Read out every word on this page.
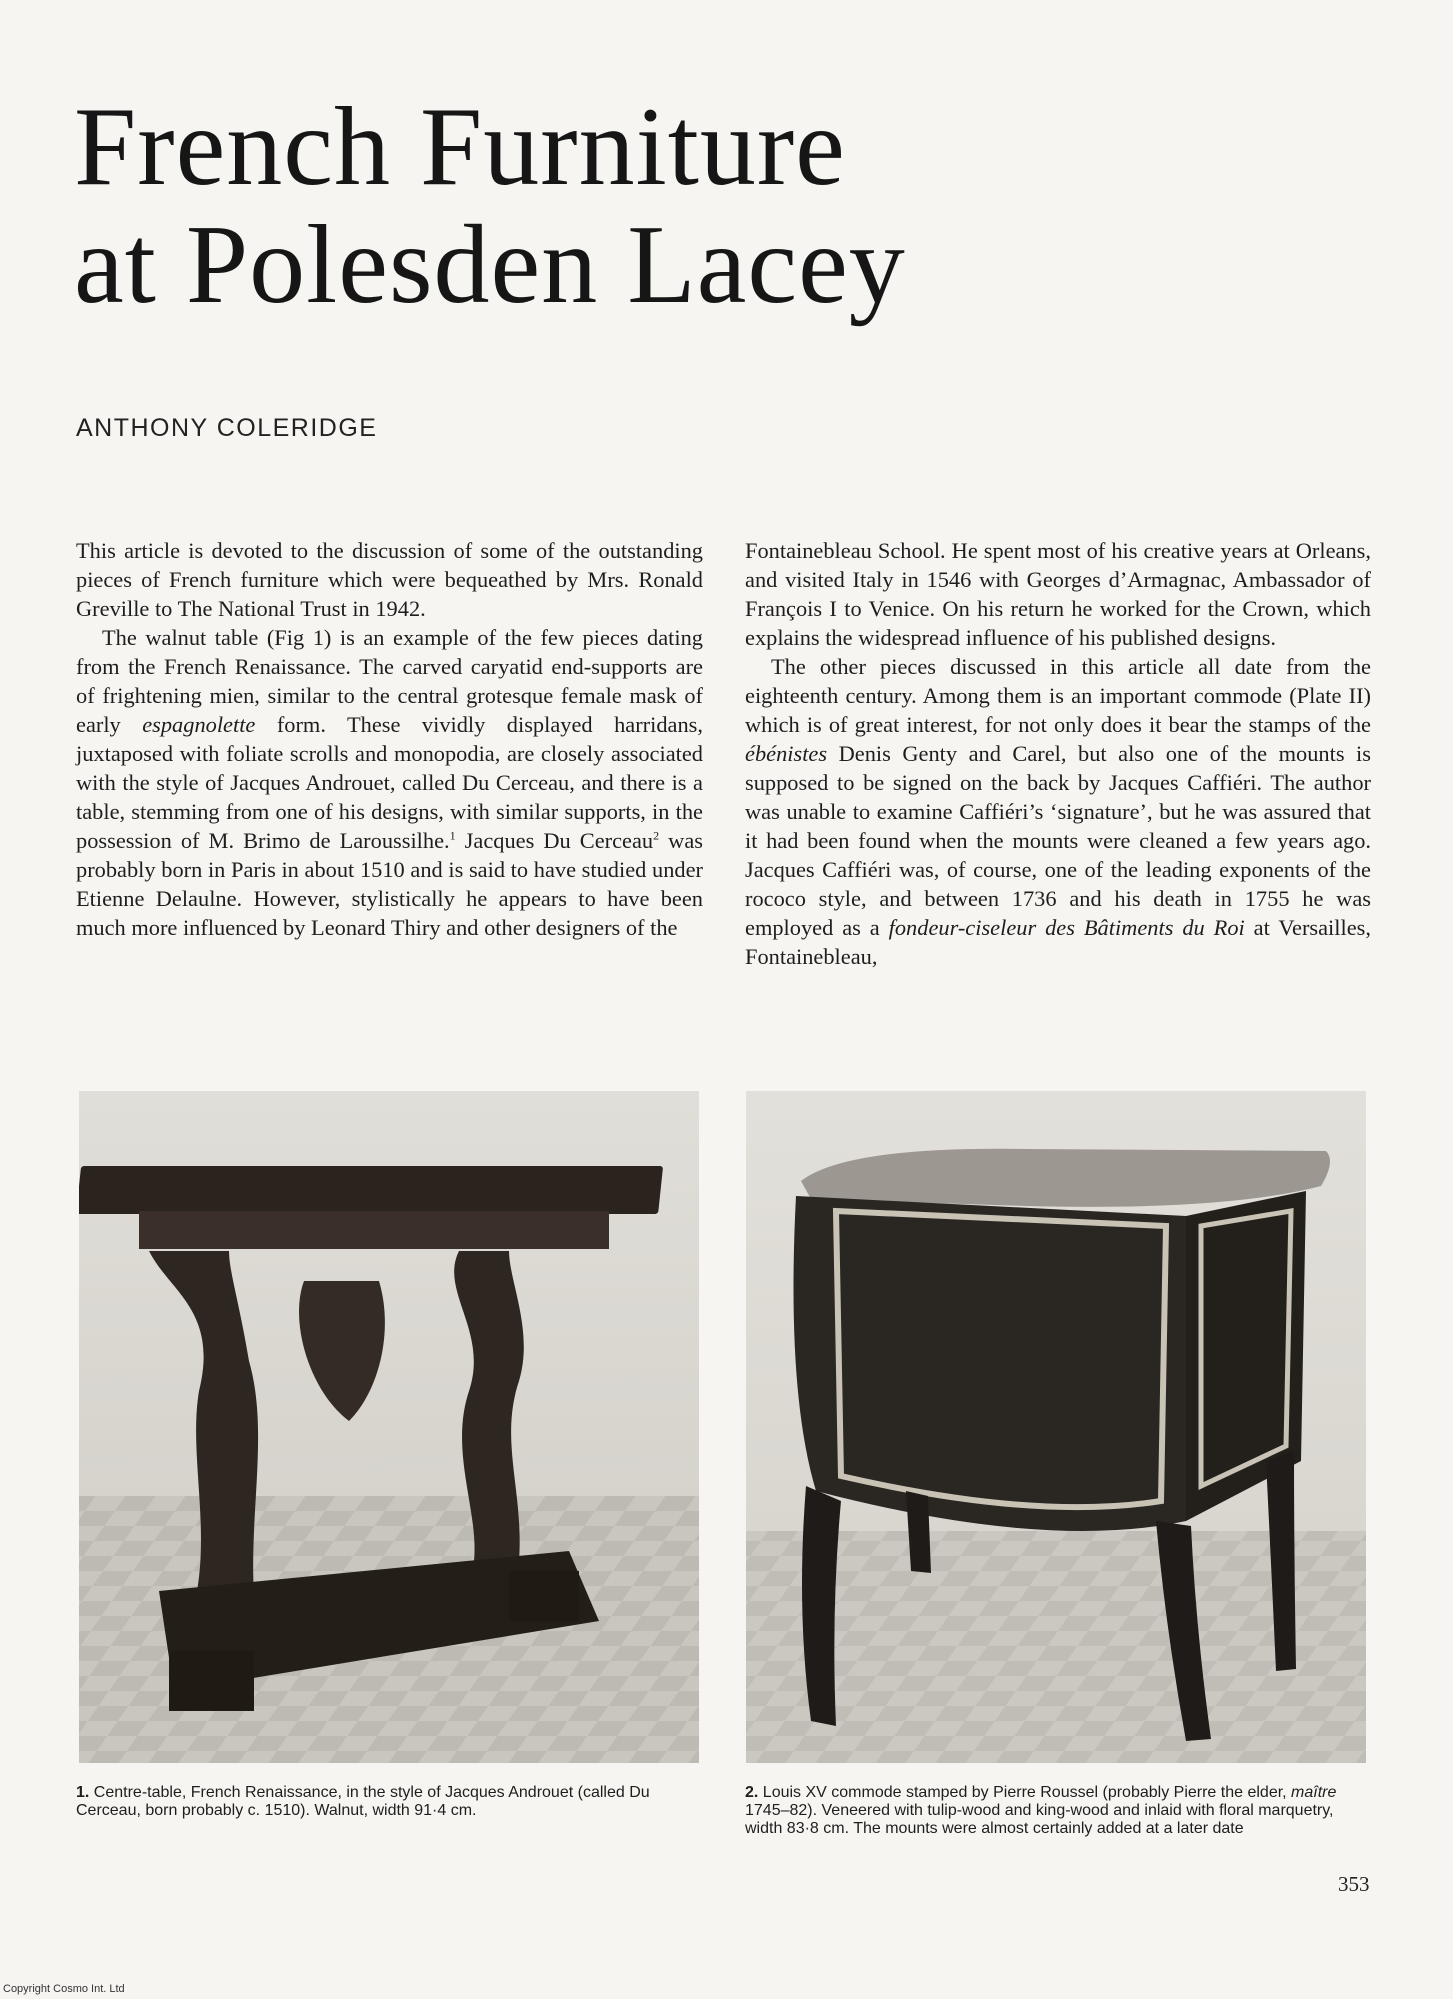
French Furniture
at Polesden Lacey
ANTHONY COLERIDGE

This article is devoted to the discussion of some of the outstanding pieces of French furniture which were bequeathed by Mrs. Ronald Greville to The National Trust in 1942.

The walnut table (Fig 1) is an example of the few pieces dating from the French Renaissance. The carved caryatid end-supports are of frightening mien, similar to the central grotesque female mask of early espagnolette form. These vividly displayed harridans, juxtaposed with foliate scrolls and monopodia, are closely associated with the style of Jacques Androuet, called Du Cerceau, and there is a table, stemming from one of his designs, with similar supports, in the possession of M. Brimo de Laroussilhe.$^1$ Jacques Du Cerceau$^2$ was probably born in Paris in about 1510 and is said to have studied under Etienne Delaulne. However, stylistically he appears to have been much more influenced by Leonard Thiry and other designers of the

Fontainebleau School. He spent most of his creative years at Orleans, and visited Italy in 1546 with Georges d’Armagnac, Ambassador of François I to Venice. On his return he worked for the Crown, which explains the widespread influence of his published designs.

The other pieces discussed in this article all date from the eighteenth century. Among them is an important commode (Plate II) which is of great interest, for not only does it bear the stamps of the ébénistes Denis Genty and Carel, but also one of the mounts is supposed to be signed on the back by Jacques Caffiéri. The author was unable to examine Caffiéri’s ‘signature’, but he was assured that it had been found when the mounts were cleaned a few years ago. Jacques Caffiéri was, of course, one of the leading exponents of the rococo style, and between 1736 and his death in 1755 he was employed as a fondeur-ciseleur des Bâtiments du Roi at Versailles, Fontainebleau,

1. Centre-table, French Renaissance, in the style of Jacques Androuet (called Du Cerceau, born probably c. 1510). Walnut, width 91·4 cm.
2. Louis XV commode stamped by Pierre Roussel (probably Pierre the elder, maître 1745–82). Veneered with tulip-wood and king-wood and inlaid with floral marquetry, width 83·8 cm. The mounts were almost certainly added at a later date
353
Copyright Cosmo Int. Ltd
